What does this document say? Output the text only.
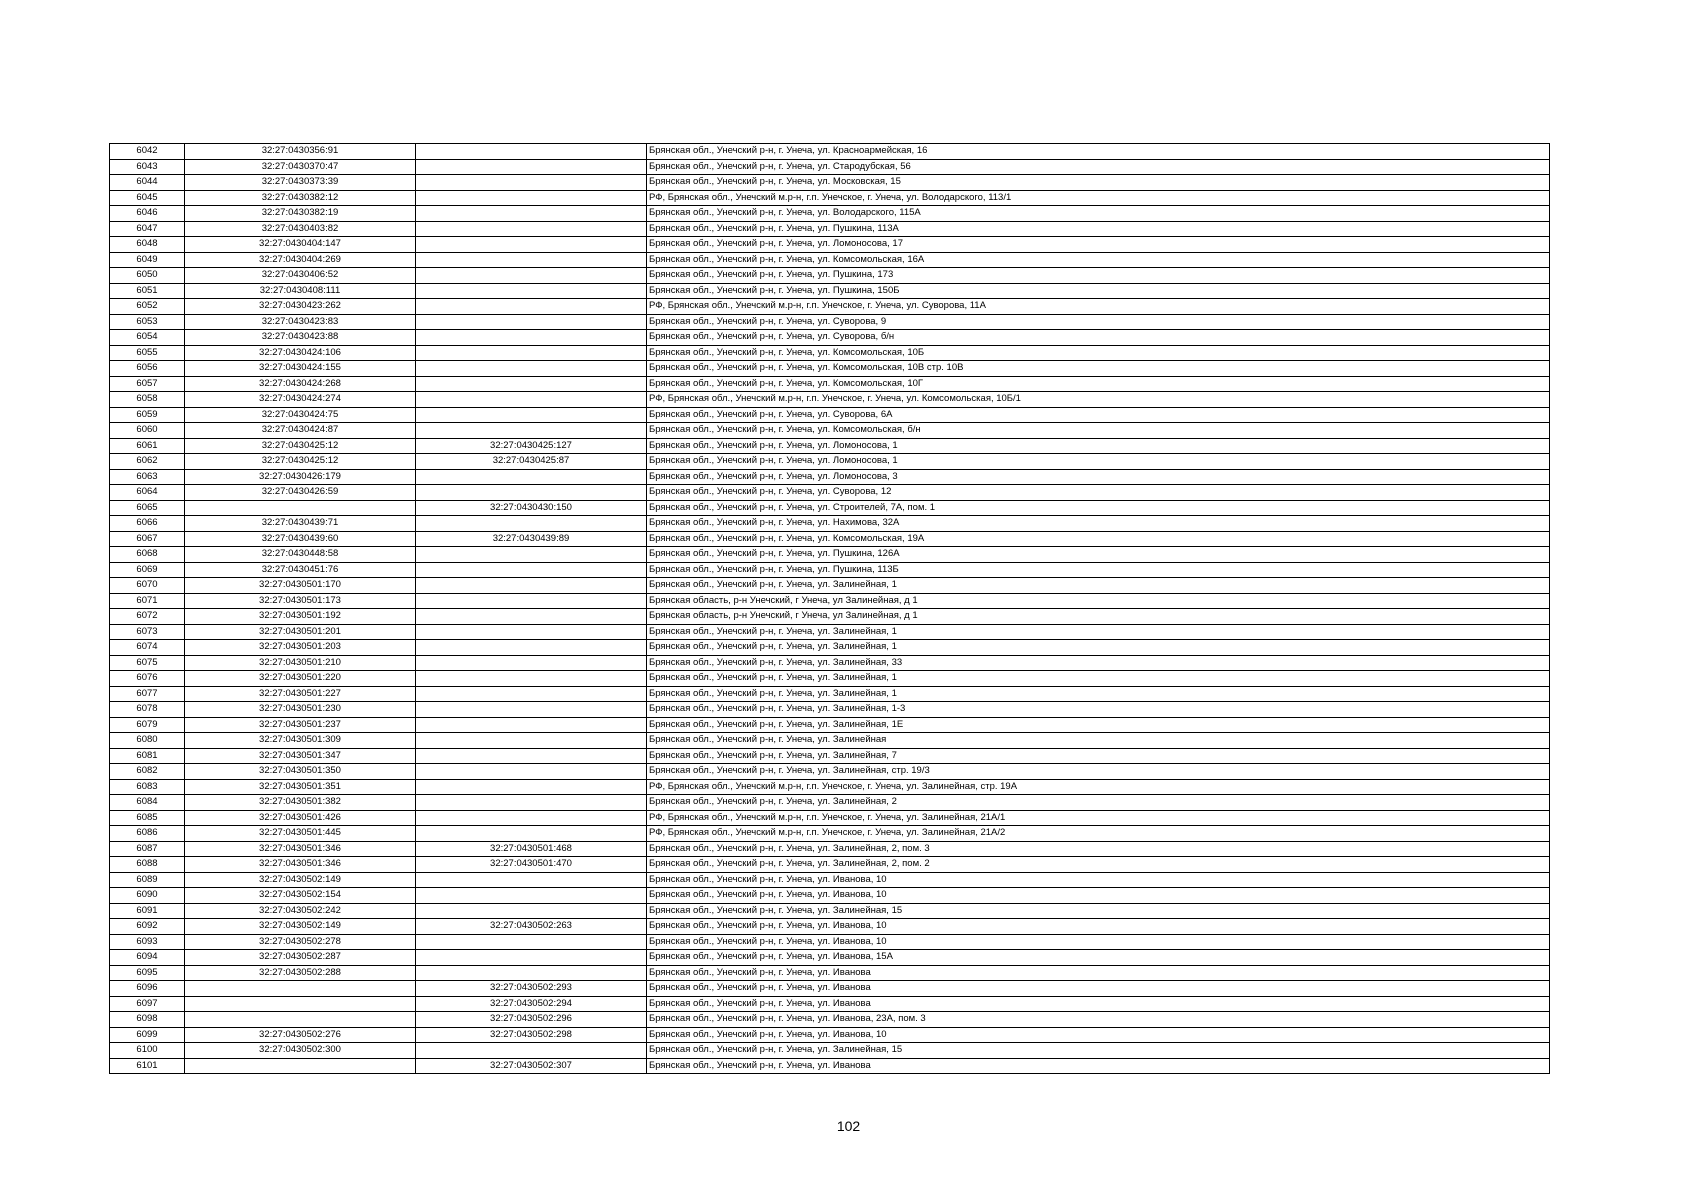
6042	32:27:0430356:91		Брянская обл., Унечский р-н, г. Унеча, ул. Красноармейская, 16
6043	32:27:0430370:47		Брянская обл., Унечский р-н, г. Унеча, ул. Стародубская, 56
6044	32:27:0430373:39		Брянская обл., Унечский р-н, г. Унеча, ул. Московская, 15
6045	32:27:0430382:12		РФ, Брянская обл., Унечский м.р-н, г.п. Унечское, г. Унеча, ул. Володарского, 113/1
6046	32:27:0430382:19		Брянская обл., Унечский р-н, г. Унеча, ул. Володарского, 115А
6047	32:27:0430403:82		Брянская обл., Унечский р-н, г. Унеча, ул. Пушкина, 113А
6048	32:27:0430404:147		Брянская обл., Унечский р-н, г. Унеча, ул. Ломоносова, 17
6049	32:27:0430404:269		Брянская обл., Унечский р-н, г. Унеча, ул. Комсомольская, 16А
6050	32:27:0430406:52		Брянская обл., Унечский р-н, г. Унеча, ул. Пушкина, 173
6051	32:27:0430408:111		Брянская обл., Унечский р-н, г. Унеча, ул. Пушкина, 150Б
6052	32:27:0430423:262		РФ, Брянская обл., Унечский м.р-н, г.п. Унечское, г. Унеча, ул. Суворова, 11А
6053	32:27:0430423:83		Брянская обл., Унечский р-н, г. Унеча, ул. Суворова, 9
6054	32:27:0430423:88		Брянская обл., Унечский р-н, г. Унеча, ул. Суворова, б/н
6055	32:27:0430424:106		Брянская обл., Унечский р-н, г. Унеча, ул. Комсомольская, 10Б
6056	32:27:0430424:155		Брянская обл., Унечский р-н, г. Унеча, ул. Комсомольская, 10В стр. 10В
6057	32:27:0430424:268		Брянская обл., Унечский р-н, г. Унеча, ул. Комсомольская, 10Г
6058	32:27:0430424:274		РФ, Брянская обл., Унечский м.р-н, г.п. Унечское, г. Унеча, ул. Комсомольская, 10Б/1
6059	32:27:0430424:75		Брянская обл., Унечский р-н, г. Унеча, ул. Суворова, 6А
6060	32:27:0430424:87		Брянская обл., Унечский р-н, г. Унеча, ул. Комсомольская, б/н
6061	32:27:0430425:12	32:27:0430425:127	Брянская обл., Унечский р-н, г. Унеча, ул. Ломоносова, 1
6062	32:27:0430425:12	32:27:0430425:87	Брянская обл., Унечский р-н, г. Унеча, ул. Ломоносова, 1
6063	32:27:0430426:179		Брянская обл., Унечский р-н, г. Унеча, ул. Ломоносова, 3
6064	32:27:0430426:59		Брянская обл., Унечский р-н, г. Унеча, ул. Суворова, 12
6065		32:27:0430430:150	Брянская обл., Унечский р-н, г. Унеча, ул. Строителей, 7А, пом. 1
6066	32:27:0430439:71		Брянская обл., Унечский р-н, г. Унеча, ул. Нахимова, 32А
6067	32:27:0430439:60	32:27:0430439:89	Брянская обл., Унечский р-н, г. Унеча, ул. Комсомольская, 19А
6068	32:27:0430448:58		Брянская обл., Унечский р-н, г. Унеча, ул. Пушкина, 126А
6069	32:27:0430451:76		Брянская обл., Унечский р-н, г. Унеча, ул. Пушкина, 113Б
6070	32:27:0430501:170		Брянская обл., Унечский р-н, г. Унеча, ул. Залинейная, 1
6071	32:27:0430501:173		Брянская область, р-н Унечский, г Унеча, ул Залинейная, д 1
6072	32:27:0430501:192		Брянская область, р-н Унечский, г Унеча, ул Залинейная, д 1
6073	32:27:0430501:201		Брянская обл., Унечский р-н, г. Унеча, ул. Залинейная, 1
6074	32:27:0430501:203		Брянская обл., Унечский р-н, г. Унеча, ул. Залинейная, 1
6075	32:27:0430501:210		Брянская обл., Унечский р-н, г. Унеча, ул. Залинейная, 33
6076	32:27:0430501:220		Брянская обл., Унечский р-н, г. Унеча, ул. Залинейная, 1
6077	32:27:0430501:227		Брянская обл., Унечский р-н, г. Унеча, ул. Залинейная, 1
6078	32:27:0430501:230		Брянская обл., Унечский р-н, г. Унеча, ул. Залинейная, 1-3
6079	32:27:0430501:237		Брянская обл., Унечский р-н, г. Унеча, ул. Залинейная, 1Е
6080	32:27:0430501:309		Брянская обл., Унечский р-н, г. Унеча, ул. Залинейная
6081	32:27:0430501:347		Брянская обл., Унечский р-н, г. Унеча, ул. Залинейная, 7
6082	32:27:0430501:350		Брянская обл., Унечский р-н, г. Унеча, ул. Залинейная, стр. 19/3
6083	32:27:0430501:351		РФ, Брянская обл., Унечский м.р-н, г.п. Унечское, г. Унеча, ул. Залинейная, стр. 19А
6084	32:27:0430501:382		Брянская обл., Унечский р-н, г. Унеча, ул. Залинейная, 2
6085	32:27:0430501:426		РФ, Брянская обл., Унечский м.р-н, г.п. Унечское, г. Унеча, ул. Залинейная, 21А/1
6086	32:27:0430501:445		РФ, Брянская обл., Унечский м.р-н, г.п. Унечское, г. Унеча, ул. Залинейная, 21А/2
6087	32:27:0430501:346	32:27:0430501:468	Брянская обл., Унечский р-н, г. Унеча, ул. Залинейная, 2, пом. 3
6088	32:27:0430501:346	32:27:0430501:470	Брянская обл., Унечский р-н, г. Унеча, ул. Залинейная, 2, пом. 2
6089	32:27:0430502:149		Брянская обл., Унечский р-н, г. Унеча, ул. Иванова, 10
6090	32:27:0430502:154		Брянская обл., Унечский р-н, г. Унеча, ул. Иванова, 10
6091	32:27:0430502:242		Брянская обл., Унечский р-н, г. Унеча, ул. Залинейная, 15
6092	32:27:0430502:149	32:27:0430502:263	Брянская обл., Унечский р-н, г. Унеча, ул. Иванова, 10
6093	32:27:0430502:278		Брянская обл., Унечский р-н, г. Унеча, ул. Иванова, 10
6094	32:27:0430502:287		Брянская обл., Унечский р-н, г. Унеча, ул. Иванова, 15А
6095	32:27:0430502:288		Брянская обл., Унечский р-н, г. Унеча, ул. Иванова
6096		32:27:0430502:293	Брянская обл., Унечский р-н, г. Унеча, ул. Иванова
6097		32:27:0430502:294	Брянская обл., Унечский р-н, г. Унеча, ул. Иванова
6098		32:27:0430502:296	Брянская обл., Унечский р-н, г. Унеча, ул. Иванова, 23А, пом. 3
6099	32:27:0430502:276	32:27:0430502:298	Брянская обл., Унечский р-н, г. Унеча, ул. Иванова, 10
6100	32:27:0430502:300		Брянская обл., Унечский р-н, г. Унеча, ул. Залинейная, 15
6101		32:27:0430502:307	Брянская обл., Унечский р-н, г. Унеча, ул. Иванова
102
